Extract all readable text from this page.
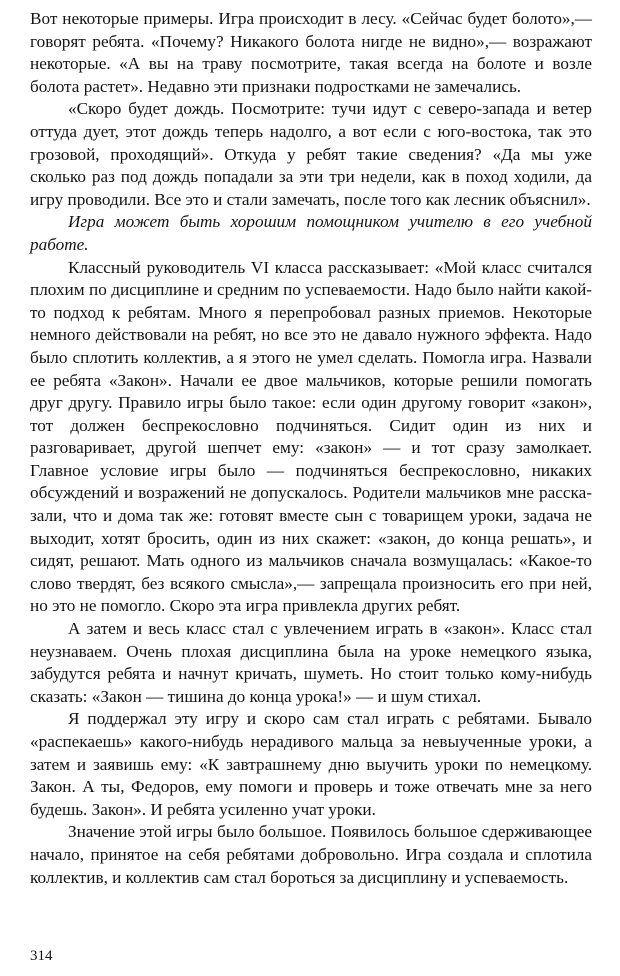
Вот некоторые примеры. Игра происходит в лесу. «Сейчас будет болото»,— говорят ребята. «Почему? Никакого болота нигде не видно»,— возражают некоторые. «А вы на траву посмотрите, такая всегда на болоте и возле болота растет». Недавно эти признаки подростками не замечались.

«Скоро будет дождь. Посмотрите: тучи идут с северо-запада и ветер оттуда дует, этот дождь теперь надолго, а вот если с юго-востока, так это грозовой, проходящий». Откуда у ребят такие сведения? «Да мы уже сколько раз под дождь попадали за эти три недели, как в поход ходили, да игру проводили. Все это и стали замечать, после того как лесник объяснил».

Игра может быть хорошим помощником учителю в его учебной работе.

Классный руководитель VI класса рассказывает: «Мой класс считался плохим по дисциплине и средним по успеваемости. Надо было найти какой-то подход к ребятам. Много я перепробовал разных приемов. Некоторые немного действовали на ребят, но все это не давало нужного эффекта. Надо было сплотить коллектив, а я этого не умел сделать. Помогла игра. Назвали ее ребята «Закон». Начали ее двое мальчиков, которые решили помогать друг другу. Правило игры было такое: если один другому говорит «закон», тот должен беспрекословно подчиняться. Сидит один из них и разговаривает, другой шепчет ему: «закон» — и тот сразу замолкает. Главное условие игры было — подчиняться беспрекословно, никаких обсуждений и возражений не допускалось. Родители мальчиков мне рассказали, что и дома так же: готовят вместе сын с товарищем уроки, задача не выходит, хотят бросить, один из них скажет: «закон, до конца решать», и сидят, решают. Мать одного из мальчиков сначала возмущалась: «Какое-то слово твердят, без всякого смысла»,— запрещала произносить его при ней, но это не помогло. Скоро эта игра привлекла других ребят.

А затем и весь класс стал с увлечением играть в «закон». Класс стал неузнаваем. Очень плохая дисциплина была на уроке немецкого языка, забудутся ребята и начнут кричать, шуметь. Но стоит только кому-нибудь сказать: «Закон — тишина до конца урока!» — и шум стихал.

Я поддержал эту игру и скоро сам стал играть с ребятами. Бывало «распекаешь» какого-нибудь нерадивого мальца за невыученные уроки, а затем и заявишь ему: «К завтрашнему дню выучить уроки по немецкому. Закон. А ты, Федоров, ему помоги и проверь и тоже отвечать мне за него будешь. Закон». И ребята усиленно учат уроки.

Значение этой игры было большое. Появилось большое сдерживающее начало, принятое на себя ребятами добровольно. Игра создала и сплотила коллектив, и коллектив сам стал бороться за дисциплину и успеваемость.

314
